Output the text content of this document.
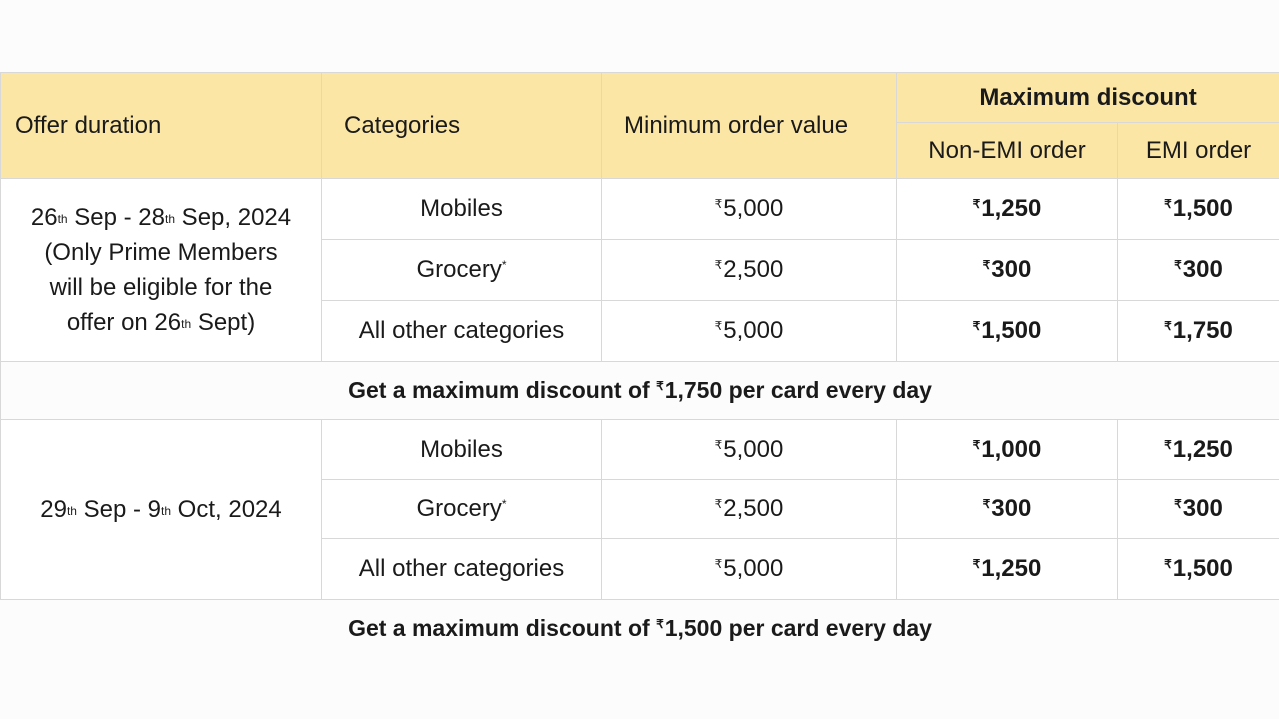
Offer duration	Categories	Minimum order value	Maximum discount	
			Non-EMI order	EMI order

26th Sep - 28th Sep, 2024
(Only Prime Members
will be eligible for the
offer on 26th Sept)	Mobiles	₹5,000	₹1,250	₹1,500
	Grocery*	₹2,500	₹300	₹300
	All other categories	₹5,000	₹1,500	₹1,750
Get a maximum discount of ₹1,750 per card every day				

29th Sep - 9th Oct, 2024	Mobiles	₹5,000	₹1,000	₹1,250
	Grocery*	₹2,500	₹300	₹300
	All other categories	₹5,000	₹1,250	₹1,500
Get a maximum discount of ₹1,500 per card every day				
